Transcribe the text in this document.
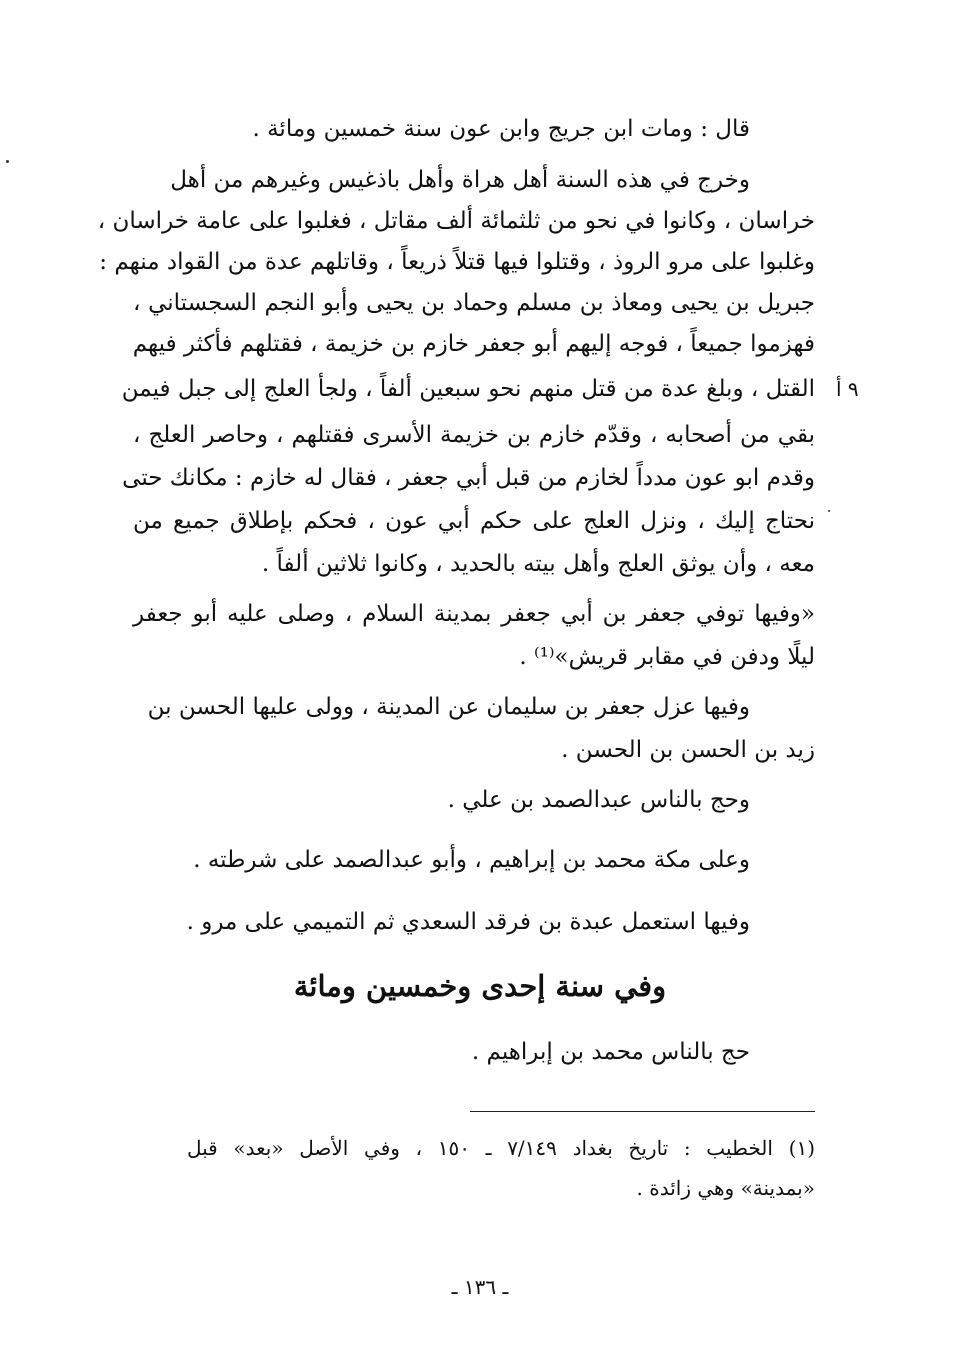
قال : ومات ابن جريج وابن عون سنة خمسين ومائة .
وخرج في هذه السنة أهل هراة وأهل باذغيس وغيرهم من أهل
خراسان ، وكانوا في نحو من ثلثمائة ألف مقاتل ، فغلبوا على عامة خراسان ،
وغلبوا على مرو الروذ ، وقتلوا فيها قتلاً ذريعاً ، وقاتلهم عدة من القواد منهم :
جبريل بن يحيى ومعاذ بن مسلم وحماد بن يحيى وأبو النجم السجستاني ،
فهزموا جميعاً ، فوجه إليهم أبو جعفر خازم بن خزيمة ، فقتلهم فأكثر فيهم
القتل ، وبلغ عدة من قتل منهم نحو سبعين ألفاً ، ولجأ العلج إلى جبل فيمن
بقي من أصحابه ، وقدّم خازم بن خزيمة الأسرى فقتلهم ، وحاصر العلج ،
وقدم ابو عون مدداً لخازم من قبل أبي جعفر ، فقال له خازم : مكانك حتى
نحتاج إليك ، ونزل العلج على حكم أبي عون ، فحكم بإطلاق جميع من
معه ، وأن يوثق العلج وأهل بيته بالحديد ، وكانوا ثلاثين ألفاً .
«وفيها توفي جعفر بن أبي جعفر بمدينة السلام ، وصلى عليه أبو جعفر
ليلًا ودفن في مقابر قريش»⁽¹⁾ .
وفيها عزل جعفر بن سليمان عن المدينة ، وولى عليها الحسن بن
زيد بن الحسن بن الحسن .
وحج بالناس عبدالصمد بن علي .
وعلى مكة محمد بن إبراهيم ، وأبو عبدالصمد على شرطته .
وفيها استعمل عبدة بن فرقد السعدي ثم التميمي على مرو .
٩ أ
وفي سنة إحدى وخمسين ومائة
حج بالناس محمد بن إبراهيم .
(١) الخطيب : تاريخ بغداد ٧/١٤٩ ـ ١٥٠ ، وفي الأصل «بعد» قبل
«بمدينة» وهي زائدة .
ـ ١٣٦ ـ
